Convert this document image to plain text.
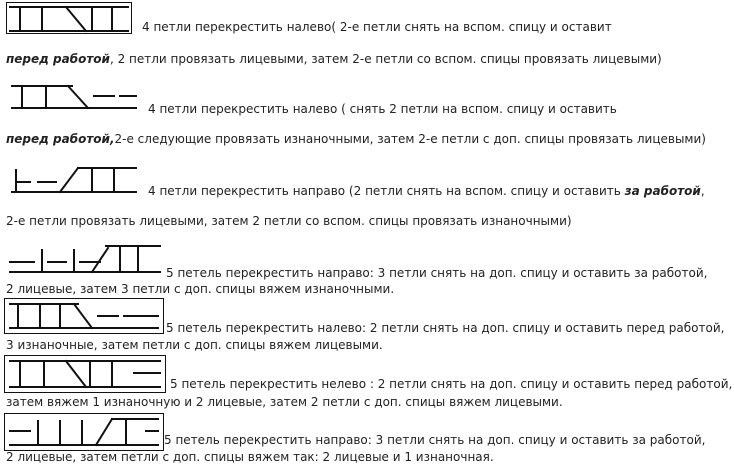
4 петли перекрестить налево( 2-е петли снять на вспом. спицу и оставит
перед работой, 2 петли провязать лицевыми, затем 2-е петли со вспом. спицы провязать лицевыми)
4 петли перекрестить налево ( снять 2 петли на вспом. спицу и оставить
перед работой,2-е следующие провязать изнаночными, затем 2-е петли с доп. спицы провязать лицевыми)
4 петли перекрестить направо (2 петли снять на вспом. спицу и оставить за работой,
2-е петли провязать лицевыми, затем 2 петли со вспом. спицы провязать изнаночными)
5 петель перекрестить направо: 3 петли снять на доп. спицу и оставить за работой,
2 лицевые, затем 3 петли с доп. спицы вяжем изнаночными.
5 петель перекрестить налево: 2 петли снять на доп. спицу и оставить перед работой,
3 изнаночные, затем петли с доп. спицы вяжем лицевыми.
5 петель перекрестить нелево : 2 петли снять на доп. спицу и оставить перед работой,
затем вяжем 1 изнаночную и 2 лицевые, затем 2 петли с доп. спицы вяжем лицевыми.
5 петель перекрестить направо: 3 петли снять на доп. спицу и оставить за работой,
2 лицевые, затем петли с доп. спицы вяжем так: 2 лицевые и 1 изнаночная.
